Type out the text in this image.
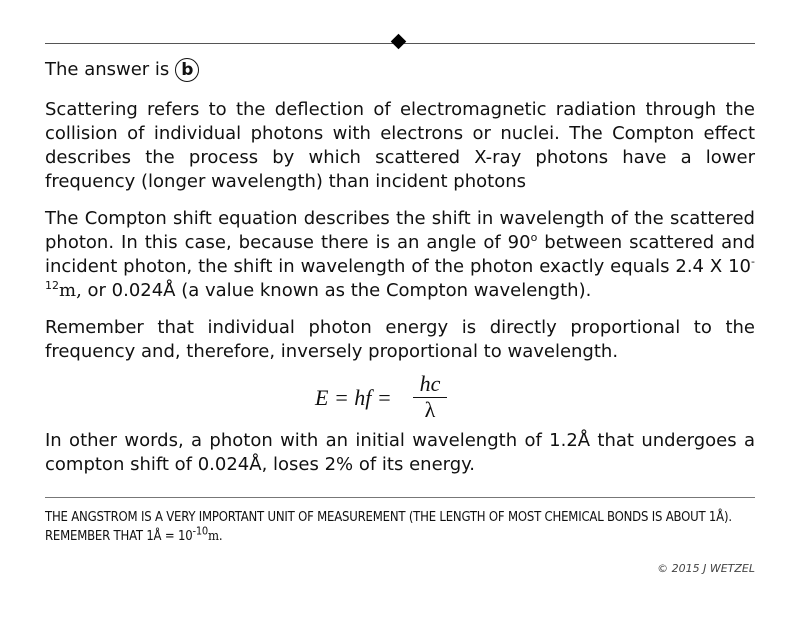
The answer is b

Scattering refers to the deflection of electromagnetic radiation through the collision of individual photons with electrons or nuclei. The Compton effect describes the process by which scattered X-ray photons have a lower frequency (longer wavelength) than incident photons

The Compton shift equation describes the shift in wavelength of the scattered photon. In this case, because there is an angle of 90$^o$ between scattered and incident photon, the shift in wavelength of the photon exactly equals 2.4 X $10^{-12}m$, or 0.024Å (a value known as the Compton wavelength).

Remember that individual photon energy is directly proportional to the frequency and, therefore, inversely proportional to wavelength.

E = hf = $\frac{hc}{\lambda}$

In other words, a photon with an initial wavelength of 1.2Å that undergoes a compton shift of 0.024Å, loses 2% of its energy.

THE ANGSTROM IS A VERY IMPORTANT UNIT OF MEASUREMENT (THE LENGTH OF MOST CHEMICAL BONDS IS ABOUT 1Å). REMEMBER THAT 1Å = $10^{-10}m$.
© 2015 J WETZEL
